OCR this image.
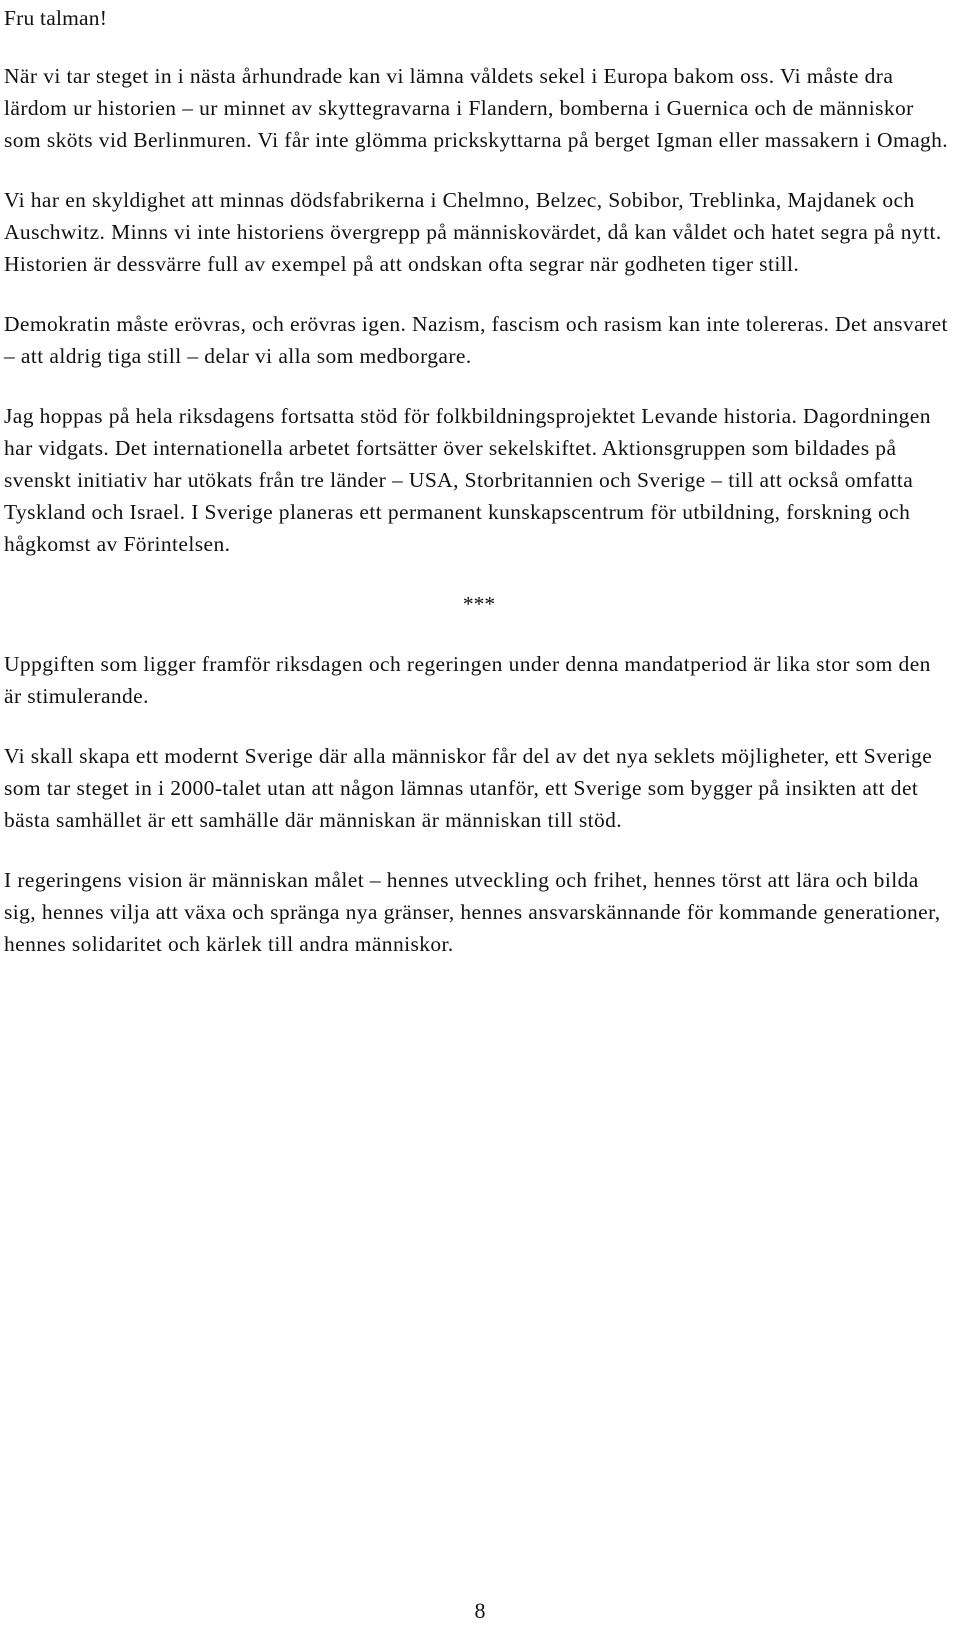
Fru talman!

När vi tar steget in i nästa århundrade kan vi lämna våldets sekel i Europa bakom oss. Vi måste dra lärdom ur historien – ur minnet av skyttegravarna i Flandern, bomberna i Guernica och de människor som sköts vid Berlinmuren. Vi får inte glömma prickskyttarna på berget Igman eller massakern i Omagh.

Vi har en skyldighet att minnas dödsfabrikerna i Chelmno, Belzec, Sobibor, Treblinka, Majdanek och Auschwitz. Minns vi inte historiens övergrepp på människovärdet, då kan våldet och hatet segra på nytt. Historien är dessvärre full av exempel på att ondskan ofta segrar när godheten tiger still.

Demokratin måste erövras, och erövras igen. Nazism, fascism och rasism kan inte tolereras. Det ansvaret – att aldrig tiga still – delar vi alla som medborgare.

Jag hoppas på hela riksdagens fortsatta stöd för folkbildningsprojektet Levande historia. Dagordningen har vidgats. Det internationella arbetet fortsätter över sekelskiftet. Aktionsgruppen som bildades på svenskt initiativ har utökats från tre länder – USA, Storbritannien och Sverige – till att också omfatta Tyskland och Israel. I Sverige planeras ett permanent kunskapscentrum för utbildning, forskning och hågkomst av Förintelsen.

***

Uppgiften som ligger framför riksdagen och regeringen under denna mandatperiod är lika stor som den är stimulerande.

Vi skall skapa ett modernt Sverige där alla människor får del av det nya seklets möjligheter, ett Sverige som tar steget in i 2000-talet utan att någon lämnas utanför, ett Sverige som bygger på insikten att det bästa samhället är ett samhälle där människan är människan till stöd.

I regeringens vision är människan målet – hennes utveckling och frihet, hennes törst att lära och bilda sig, hennes vilja att växa och spränga nya gränser, hennes ansvarskännande för kommande generationer, hennes solidaritet och kärlek till andra människor.

8
